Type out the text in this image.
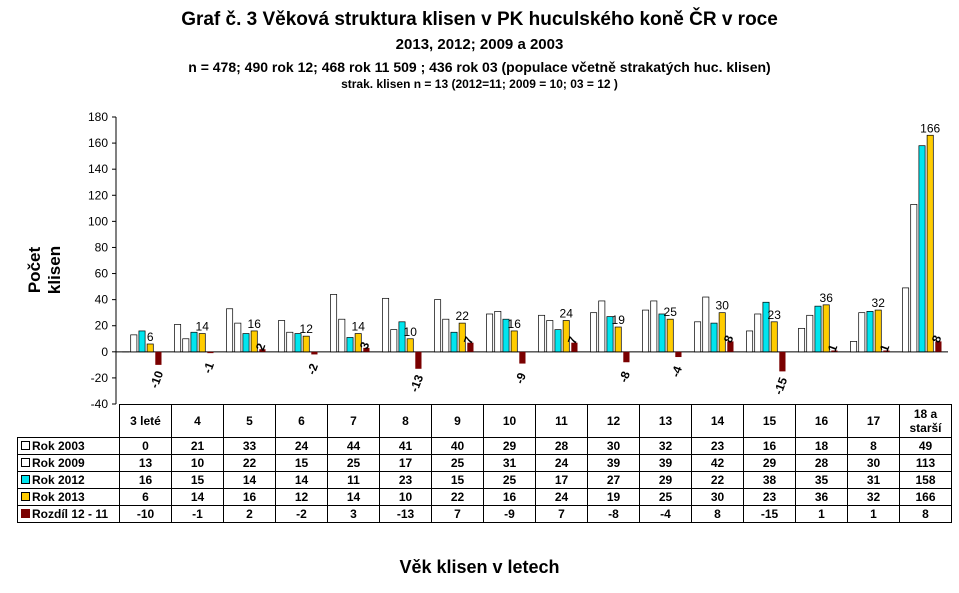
Graf č. 3 Věková struktura klisen v PK huculského koně ČR v roce
2013, 2012; 2009 a 2003
n = 478; 490 rok 12; 468 rok 11 509 ; 436 rok 03 (populace včetně strakatých huc. klisen)
strak. klisen n = 13 (2012=11; 2009 = 10; 03 = 12 )
180
160
140
120
100
80
60
40
20
0
-20
-40
6
-10
14
-1
16
2
12
-2
14
3
10
-13
22
7
16
-9
24
7
19
-8
25
-4
30
8
23
-15
36
1
32
1
166
8
Počet klisen
	3 leté	4	5	6	7	8	9	10	11	12	13	14	15	16	17	18 a
starší
Rok 2003	0	21	33	24	44	41	40	29	28	30	32	23	16	18	8	49
Rok 2009	13	10	22	15	25	17	25	31	24	39	39	42	29	28	30	113
Rok 2012	16	15	14	14	11	23	15	25	17	27	29	22	38	35	31	158
Rok 2013	6	14	16	12	14	10	22	16	24	19	25	30	23	36	32	166
Rozdíl 12 - 11	-10	-1	2	-2	3	-13	7	-9	7	-8	-4	8	-15	1	1	8
Věk klisen v letech
